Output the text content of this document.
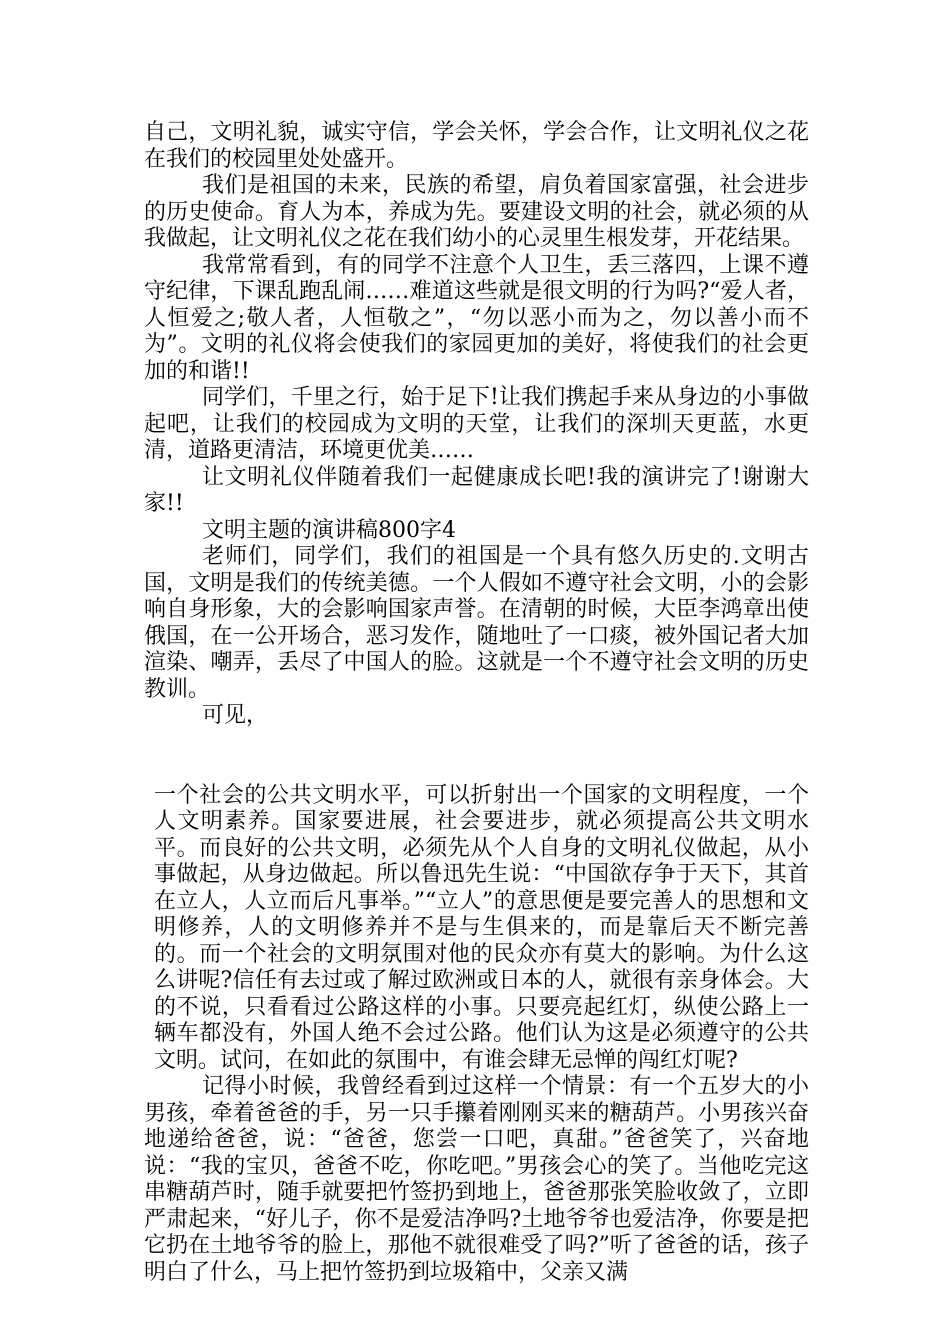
自己，文明礼貌，诚实守信，学会关怀，学会合作，让文明礼仪之花在我们的校园里处处盛开。

我们是祖国的未来，民族的希望，肩负着国家富强，社会进步的历史使命。育人为本，养成为先。要建设文明的社会，就必须的从我做起，让文明礼仪之花在我们幼小的心灵里生根发芽，开花结果。

我常常看到，有的同学不注意个人卫生，丢三落四，上课不遵守纪律，下课乱跑乱闹……难道这些就是很文明的行为吗?“爱人者，人恒爱之;敬人者，人恒敬之”，“勿以恶小而为之，勿以善小而不为”。文明的礼仪将会使我们的家园更加的美好，将使我们的社会更加的和谐!!

同学们，千里之行，始于足下!让我们携起手来从身边的小事做起吧，让我们的校园成为文明的天堂，让我们的深圳天更蓝，水更清，道路更清洁，环境更优美……

让文明礼仪伴随着我们一起健康成长吧!我的演讲完了!谢谢大家!!

文明主题的演讲稿800字4

老师们，同学们，我们的祖国是一个具有悠久历史的.文明古国，文明是我们的传统美德。一个人假如不遵守社会文明，小的会影响自身形象，大的会影响国家声誉。在清朝的时候，大臣李鸿章出使俄国，在一公开场合，恶习发作，随地吐了一口痰，被外国记者大加渲染、嘲弄，丢尽了中国人的脸。这就是一个不遵守社会文明的历史教训。

可见，

一个社会的公共文明水平，可以折射出一个国家的文明程度，一个人文明素养。国家要进展，社会要进步，就必须提高公共文明水平。而良好的公共文明，必须先从个人自身的文明礼仪做起，从小事做起，从身边做起。所以鲁迅先生说：“中国欲存争于天下，其首在立人，人立而后凡事举。”“立人”的意思便是要完善人的思想和文明修养，人的文明修养并不是与生俱来的，而是靠后天不断完善的。而一个社会的文明氛围对他的民众亦有莫大的影响。为什么这么讲呢?信任有去过或了解过欧洲或日本的人，就很有亲身体会。大的不说，只看看过公路这样的小事。只要亮起红灯，纵使公路上一辆车都没有，外国人绝不会过公路。他们认为这是必须遵守的公共文明。试问，在如此的氛围中，有谁会肆无忌惮的闯红灯呢?

记得小时候，我曾经看到过这样一个情景：有一个五岁大的小男孩，牵着爸爸的手，另一只手攥着刚刚买来的糖葫芦。小男孩兴奋地递给爸爸，说：“爸爸，您尝一口吧，真甜。”爸爸笑了，兴奋地说：“我的宝贝，爸爸不吃，你吃吧。”男孩会心的笑了。当他吃完这串糖葫芦时，随手就要把竹签扔到地上，爸爸那张笑脸收敛了，立即严肃起来，“好儿子，你不是爱洁净吗?土地爷爷也爱洁净，你要是把它扔在土地爷爷的脸上，那他不就很难受了吗?”听了爸爸的话，孩子明白了什么，马上把竹签扔到垃圾箱中，父亲又满
